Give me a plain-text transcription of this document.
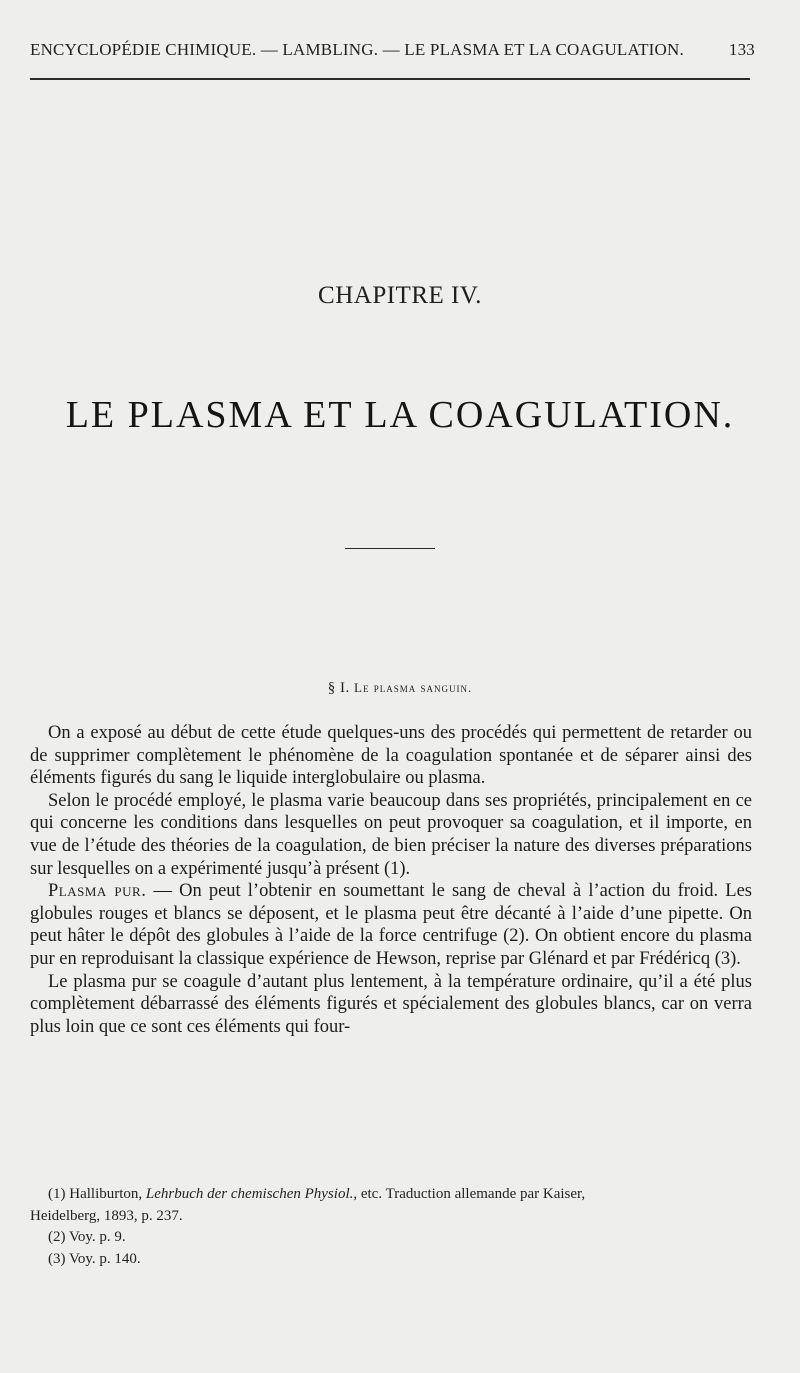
ENCYCLOPÉDIE CHIMIQUE. — LAMBLING. — LE PLASMA ET LA COAGULATION.	133
CHAPITRE IV.
LE PLASMA ET LA COAGULATION.
§ I. Le plasma sanguin.

On a exposé au début de cette étude quelques-uns des procédés qui permettent de retarder ou de supprimer complètement le phénomène de la coagulation spontanée et de séparer ainsi des éléments figurés du sang le liquide interglobulaire ou plasma.

Selon le procédé employé, le plasma varie beaucoup dans ses propriétés, principalement en ce qui concerne les conditions dans lesquelles on peut provoquer sa coagulation, et il importe, en vue de l’étude des théories de la coagulation, de bien préciser la nature des diverses préparations sur lesquelles on a expérimenté jusqu’à présent (1).

Plasma pur. — On peut l’obtenir en soumettant le sang de cheval à l’action du froid. Les globules rouges et blancs se déposent, et le plasma peut être décanté à l’aide d’une pipette. On peut hâter le dépôt des globules à l’aide de la force centrifuge (2). On obtient encore du plasma pur en reproduisant la classique expérience de Hewson, reprise par Glénard et par Frédéricq (3).

Le plasma pur se coagule d’autant plus lentement, à la température ordinaire, qu’il a été plus complètement débarrassé des éléments figurés et spécialement des globules blancs, car on verra plus loin que ce sont ces éléments qui four-

(1) Halliburton, Lehrbuch der chemischen Physiol., etc. Traduction allemande par Kaiser,
Heidelberg, 1893, p. 237.
(2) Voy. p. 9.
(3) Voy. p. 140.
